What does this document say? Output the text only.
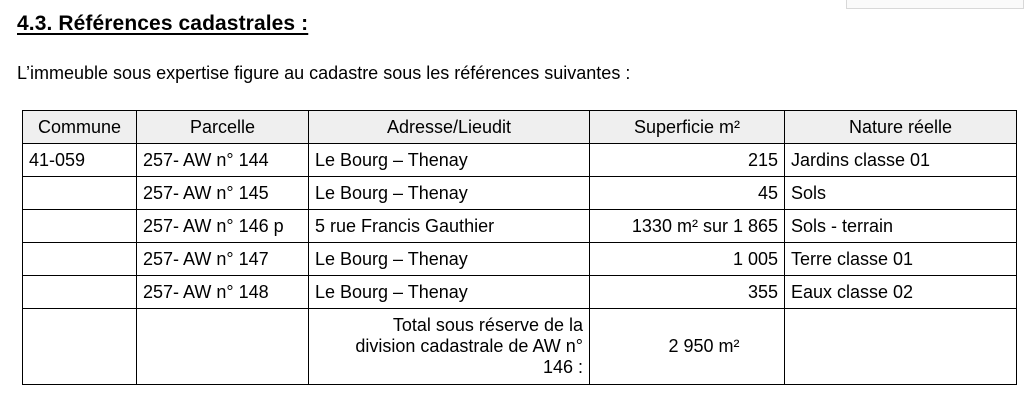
4.3. Références cadastrales :
L’immeuble sous expertise figure au cadastre sous les références suivantes :
Commune	Parcelle	Adresse/Lieudit	Superficie m²	Nature réelle
41-059	257- AW n° 144	Le Bourg – Thenay	215	Jardins classe 01
	257- AW n° 145	Le Bourg – Thenay	45	Sols
	257- AW n° 146 p	5 rue Francis Gauthier	1330 m² sur 1 865	Sols - terrain
	257- AW n° 147	Le Bourg – Thenay	1 005	Terre classe 01
	257- AW n° 148	Le Bourg – Thenay	355	Eaux classe 02
		Total sous réserve de la
division cadastrale de AW n°
146 :	2 950 m²	
